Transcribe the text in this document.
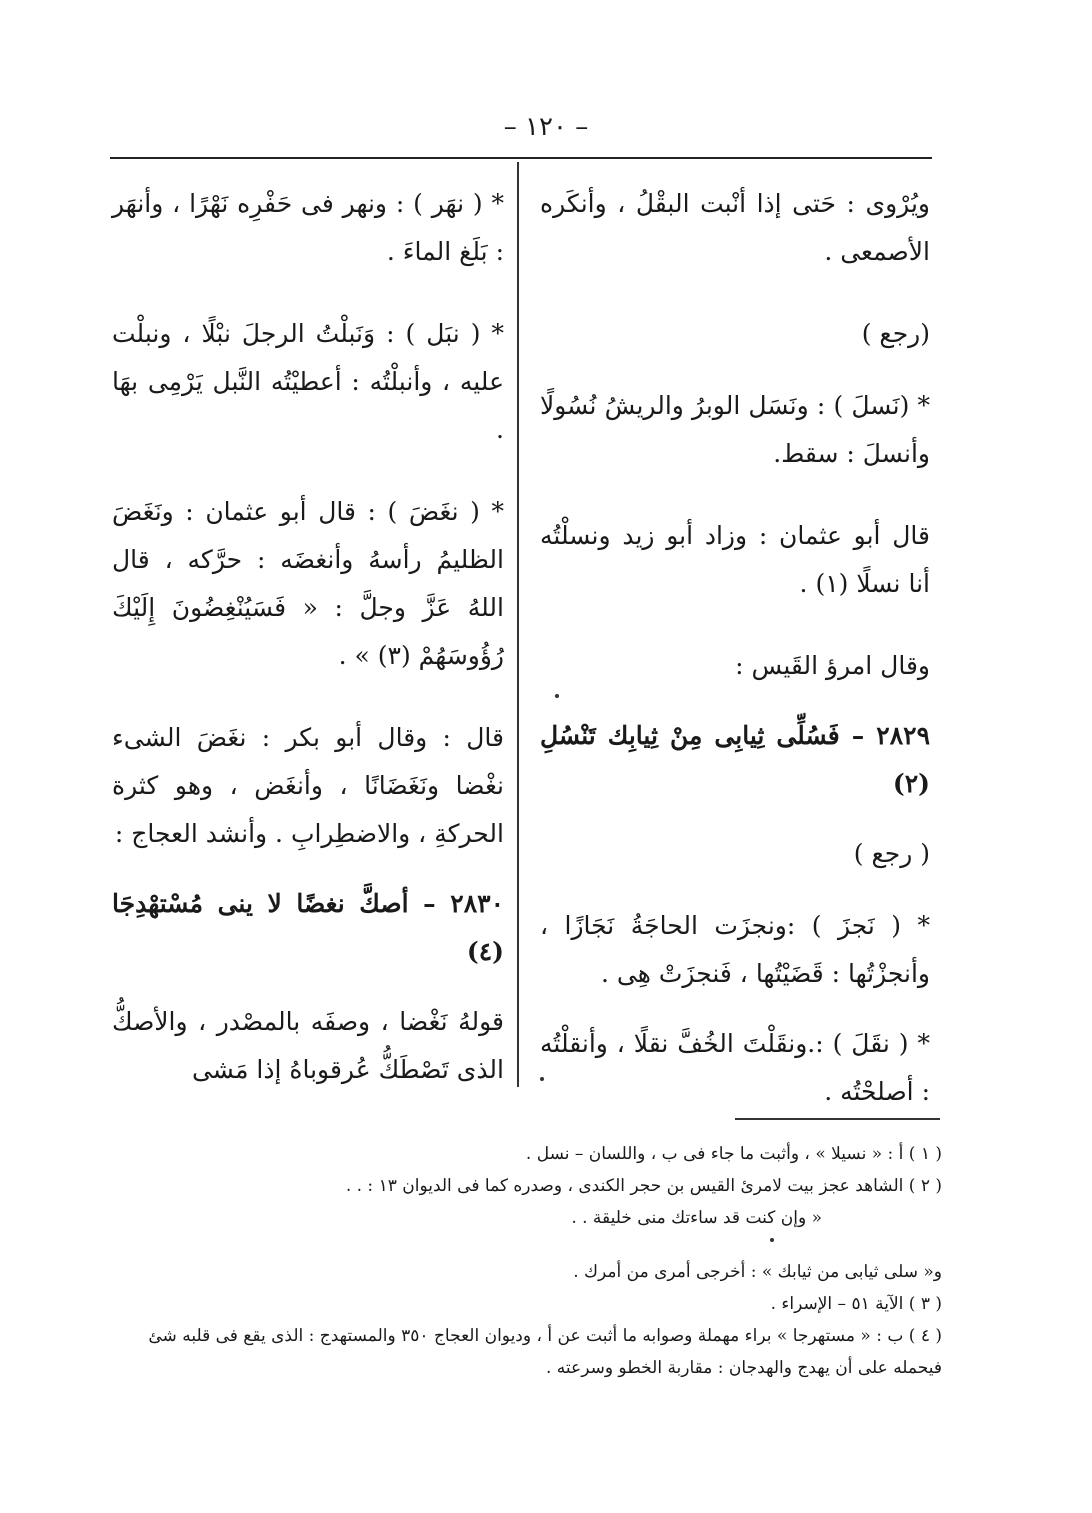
– ١٢٠ –

ويُرْوى : حَتى إذا أنْبت البقْلُ ، وأنكَره الأصمعى .

(رجع )

* (نَسلَ ) : ونَسَل الوبرُ والريشُ نُسُولًا وأنسلَ : سقط.

قال أبو عثمان : وزاد أبو زيد ونسلْتُه أنا نسلًا (١) .

وقال امرؤ القَيس :

٢٨٢٩ – فَسُلِّى ثِيابِى مِنْ ثِيابِك تَنْسُلِ (٢)

( رجع )

* ( نَجزَ ) :ونجزَت الحاجَةُ نَجَازًا ، وأنجزْتُها : قَضَيْتُها ، فَنجزَتْ هِى .

* ( نقَلَ ) :.ونقَلْتَ الخُفَّ نقلًا ، وأنقلْتُه : أصلحْتُه .

* ( نهَر ) : ونهر فى حَفْرِه نَهْرًا ، وأنهَر : بَلَغ الماءَ .

* ( نبَل ) : وَنَبلْتُ الرجلَ نبْلًا ، ونبلْت عليه ، وأنبلْتُه : أعطيْتُه النَّبل يَرْمِى بهَا .

* ( نغَضَ ) : قال أبو عثمان : ونَغَضَ الظليمُ رأسهُ وأنغضَه : حرَّكه ، قال اللهُ عَزَّ وجلَّ : « فَسَيُنْغِضُونَ إِلَيْكَ رُؤُوسَهُمْ (٣) » .

قال : وقال أبو بكر : نغَضَ الشىء نغْضا ونَغَضَانًا ، وأنغَض ، وهو كثرة الحركةِ ، والاضطِرابِ . وأنشد العجاج :

٢٨٣٠ – أصكَّ نغضًا لا ينى مُسْتهْدِجَا (٤)

قولهُ نَغْضا ، وصفَه بالمصْدر ، والأصكُّ الذى تَصْطَكُّ عُرقوباهُ إذا مَشى

( ١ ) أ : « نسيلا » ، وأثبت ما جاء فى ب ، واللسان – نسل .

( ٢ ) الشاهد عجز بيت لامرئ القيس بن حجر الكندى ، وصدره كما فى الديوان ١٣ : . .

« وإن كنت قد ساءتك منى خليقة . .

و« سلى ثيابى من ثيابك » : أخرجى أمرى من أمرك .

( ٣ ) الآية ٥١ – الإسراء .

( ٤ ) ب : « مستهرجا » براء مهملة وصوابه ما أثبت عن أ ، وديوان العجاج ٣٥٠ والمستهدج : الذى يقع فى قلبه شئ فيحمله على أن يهدج والهدجان : مقاربة الخطو وسرعته .
